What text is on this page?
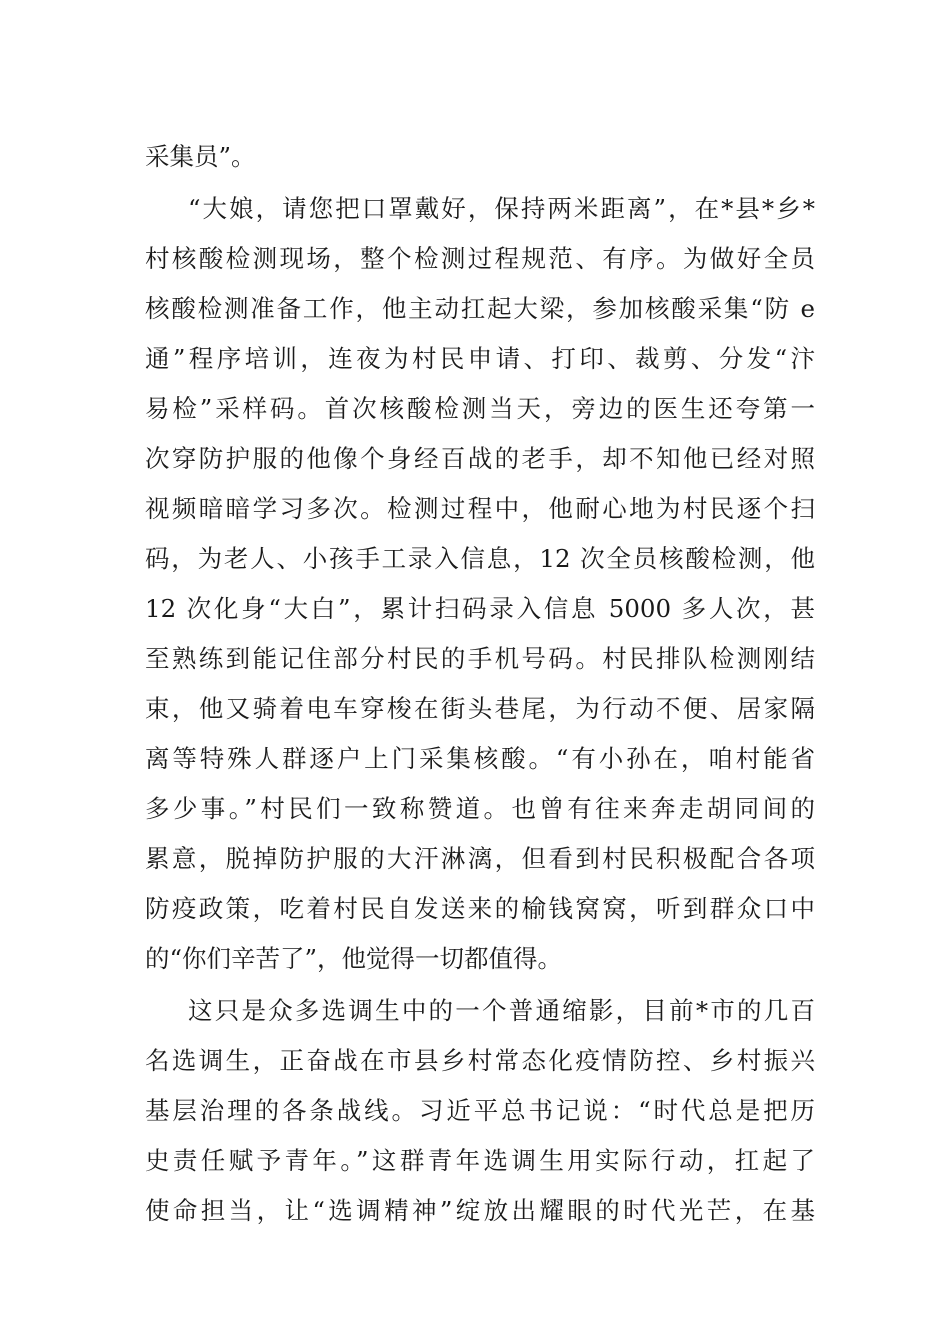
采集员”。
“大娘，请您把口罩戴好，保持两米距离”，在*县*乡*
村核酸检测现场，整个检测过程规范、有序。为做好全员
核酸检测准备工作，他主动扛起大梁，参加核酸采集“防 e
通”程序培训，连夜为村民申请、打印、裁剪、分发“汴
易检”采样码。首次核酸检测当天，旁边的医生还夸第一
次穿防护服的他像个身经百战的老手，却不知他已经对照
视频暗暗学习多次。检测过程中，他耐心地为村民逐个扫
码，为老人、小孩手工录入信息，12 次全员核酸检测，他
12 次化身“大白”，累计扫码录入信息 5000 多人次，甚
至熟练到能记住部分村民的手机号码。村民排队检测刚结
束，他又骑着电车穿梭在街头巷尾，为行动不便、居家隔
离等特殊人群逐户上门采集核酸。“有小孙在，咱村能省
多少事。”村民们一致称赞道。也曾有往来奔走胡同间的
累意，脱掉防护服的大汗淋漓，但看到村民积极配合各项
防疫政策，吃着村民自发送来的榆钱窝窝，听到群众口中
的“你们辛苦了”，他觉得一切都值得。
这只是众多选调生中的一个普通缩影，目前*市的几百
名选调生，正奋战在市县乡村常态化疫情防控、乡村振兴
基层治理的各条战线。习近平总书记说：“时代总是把历
史责任赋予青年。”这群青年选调生用实际行动，扛起了
使命担当，让“选调精神”绽放出耀眼的时代光芒，在基
